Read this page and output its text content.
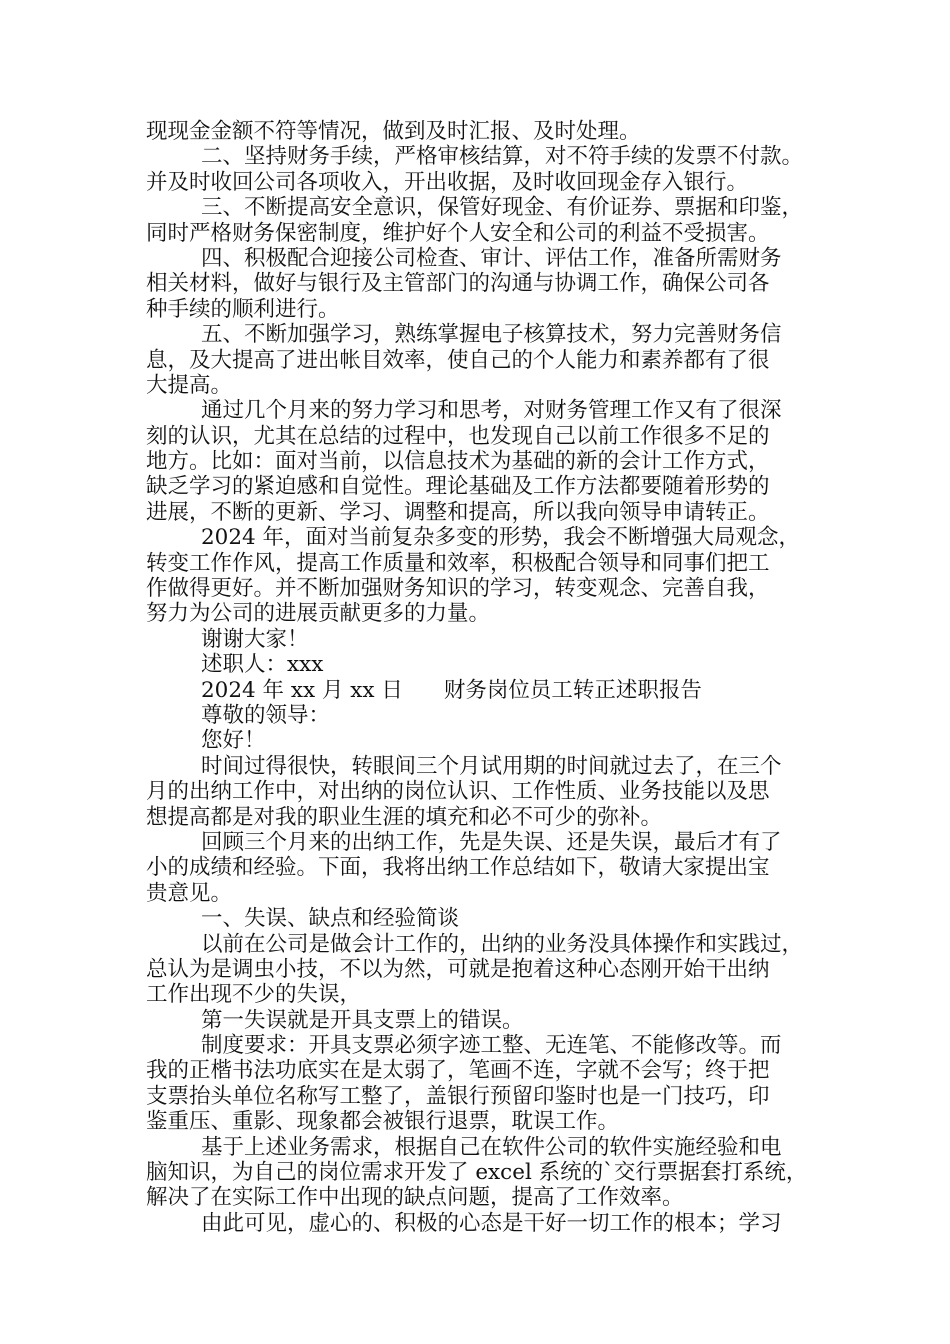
现现金金额不符等情况，做到及时汇报、及时处理。
二、坚持财务手续，严格审核结算，对不符手续的发票不付款。
并及时收回公司各项收入，开出收据，及时收回现金存入银行。
三、不断提高安全意识，保管好现金、有价证券、票据和印鉴，
同时严格财务保密制度，维护好个人安全和公司的利益不受损害。
四、积极配合迎接公司检查、审计、评估工作，准备所需财务
相关材料，做好与银行及主管部门的沟通与协调工作，确保公司各
种手续的顺利进行。
五、不断加强学习，熟练掌握电子核算技术，努力完善财务信
息，及大提高了进出帐目效率，使自己的个人能力和素养都有了很
大提高。
通过几个月来的努力学习和思考，对财务管理工作又有了很深
刻的认识，尤其在总结的过程中，也发现自己以前工作很多不足的
地方。比如：面对当前，以信息技术为基础的新的会计工作方式，
缺乏学习的紧迫感和自觉性。理论基础及工作方法都要随着形势的
进展，不断的更新、学习、调整和提高，所以我向领导申请转正。
2024 年，面对当前复杂多变的形势，我会不断增强大局观念，
转变工作作风，提高工作质量和效率，积极配合领导和同事们把工
作做得更好。并不断加强财务知识的学习，转变观念、完善自我，
努力为公司的进展贡献更多的力量。
谢谢大家！
述职人：xxx
2024 年 xx 月 xx 日      财务岗位员工转正述职报告
尊敬的领导：
您好！
时间过得很快，转眼间三个月试用期的时间就过去了，在三个
月的出纳工作中，对出纳的岗位认识、工作性质、业务技能以及思
想提高都是对我的职业生涯的填充和必不可少的弥补。
回顾三个月来的出纳工作，先是失误、还是失误，最后才有了
小的成绩和经验。下面，我将出纳工作总结如下，敬请大家提出宝
贵意见。
一、失误、缺点和经验简谈
以前在公司是做会计工作的，出纳的业务没具体操作和实践过，
总认为是调虫小技，不以为然，可就是抱着这种心态刚开始干出纳
工作出现不少的失误，
第一失误就是开具支票上的错误。
制度要求：开具支票必须字迹工整、无连笔、不能修改等。而
我的正楷书法功底实在是太弱了，笔画不连，字就不会写；终于把
支票抬头单位名称写工整了，盖银行预留印鉴时也是一门技巧，印
鉴重压、重影、现象都会被银行退票，耽误工作。
基于上述业务需求，根据自己在软件公司的软件实施经验和电
脑知识，为自己的岗位需求开发了 excel 系统的`交行票据套打系统，
解决了在实际工作中出现的缺点问题，提高了工作效率。
由此可见，虚心的、积极的心态是干好一切工作的根本；学习
